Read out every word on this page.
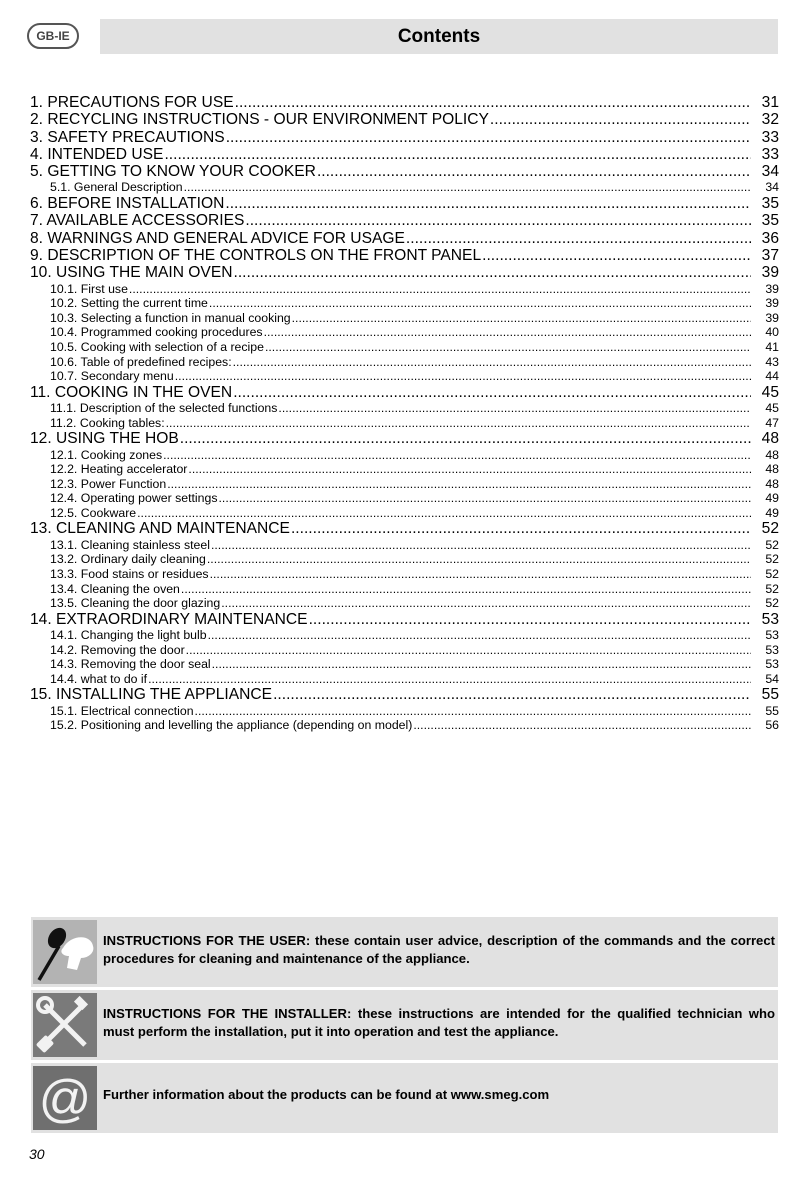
GB-IE	Contents
1. PRECAUTIONS FOR USE .....	31
2. RECYCLING INSTRUCTIONS - OUR ENVIRONMENT POLICY .....	32
3. SAFETY PRECAUTIONS .....	33
4. INTENDED USE .....	33
5. GETTING TO KNOW YOUR COOKER .....	34
5.1. General Description .....	34
6. BEFORE INSTALLATION .....	35
7. AVAILABLE ACCESSORIES .....	35
8. WARNINGS AND GENERAL ADVICE FOR USAGE .....	36
9. DESCRIPTION OF THE CONTROLS ON THE FRONT PANEL .....	37
10. USING THE MAIN OVEN .....	39
10.1. First use .....	39
10.2. Setting the current time .....	39
10.3. Selecting a function in manual cooking .....	39
10.4. Programmed cooking procedures .....	40
10.5. Cooking with selection of a recipe .....	41
10.6. Table of predefined recipes: .....	43
10.7. Secondary menu .....	44
11. COOKING IN THE OVEN .....	45
11.1. Description of the selected functions .....	45
11.2. Cooking tables: .....	47
12. USING THE HOB .....	48
12.1. Cooking zones .....	48
12.2. Heating accelerator .....	48
12.3. Power Function .....	48
12.4. Operating power settings .....	49
12.5. Cookware .....	49
13. CLEANING AND MAINTENANCE .....	52
13.1. Cleaning stainless steel .....	52
13.2. Ordinary daily cleaning .....	52
13.3. Food stains or residues .....	52
13.4. Cleaning the oven .....	52
13.5. Cleaning the door glazing .....	52
14. EXTRAORDINARY MAINTENANCE .....	53
14.1. Changing the light bulb .....	53
14.2. Removing the door .....	53
14.3. Removing the door seal .....	53
14.4. what to do if .....	54
15. INSTALLING THE APPLIANCE .....	55
15.1. Electrical connection .....	55
15.2. Positioning and levelling the appliance (depending on model) .....	56
INSTRUCTIONS FOR THE USER: these contain user advice, description of the commands and the correct procedures for cleaning and maintenance of the appliance.
INSTRUCTIONS FOR THE INSTALLER: these instructions are intended for the qualified technician who must perform the installation, put it into operation and test the appliance.
@ Further information about the products can be found at www.smeg.com
30
